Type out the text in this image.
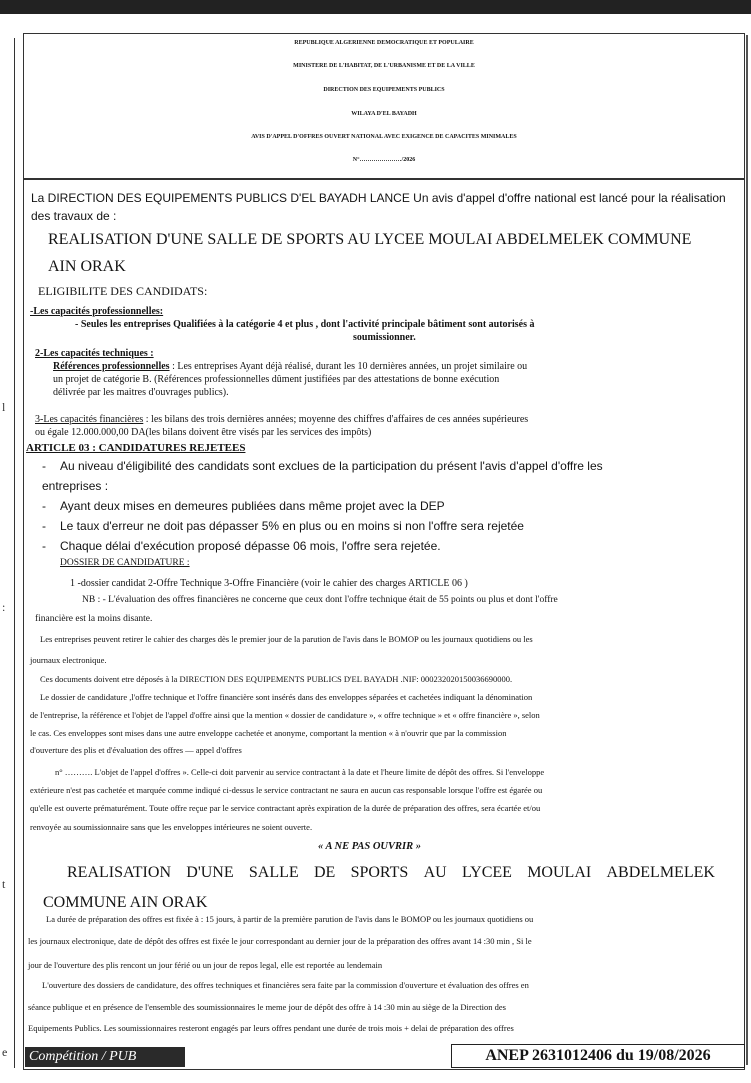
l
:
t
e
REPUBLIQUE ALGERIENNE DEMOCRATIQUE ET POPULAIRE
MINISTERE DE L'HABITAT, DE L'URBANISME ET DE LA VILLE
DIRECTION DES EQUIPEMENTS PUBLICS
WILAYA D'EL BAYADH
AVIS D'APPEL D'OFFRES OUVERT NATIONAL AVEC EXIGENCE DE CAPACITES MINIMALES
N°…………………/2026
La DIRECTION DES EQUIPEMENTS PUBLICS D'EL BAYADH LANCE Un avis d'appel d'offre national est lancé pour la réalisation des travaux de :
REALISATION D'UNE SALLE DE SPORTS AU LYCEE MOULAI ABDELMELEK COMMUNE
AIN ORAK
ELIGIBILITE DES CANDIDATS:
-Les capacités professionnelles:
- Seules les entreprises Qualifiées à la catégorie 4 et plus , dont l'activité principale bâtiment sont autorisés à
soumissionner.
2-Les capacités techniques :
Références professionnelles : Les entreprises Ayant déjà réalisé, durant les 10 dernières années, un projet similaire ou
un projet de catégorie B. (Références professionnelles dûment justifiées par des attestations de bonne exécution
délivrée par les maitres d'ouvrages publics).
3-Les capacités financières : les bilans des trois dernières années; moyenne des chiffres d'affaires de ces années supérieures
ou égale 12.000.000,00 DA(les bilans doivent être visés par les services des impôts)
ARTICLE 03 : CANDIDATURES REJETEES
- Au niveau d'éligibilité des candidats sont exclues de la participation du présent l'avis d'appel d'offre les
entreprises :
- Ayant deux mises en demeures publiées dans même projet avec la DEP
- Le taux d'erreur ne doit pas dépasser 5% en plus ou en moins si non l'offre sera rejetée
- Chaque délai d'exécution proposé dépasse 06 mois, l'offre sera rejetée.
DOSSIER DE CANDIDATURE :
1 -dossier candidat 2-Offre Technique 3-Offre Financière (voir le cahier des charges ARTICLE 06 )
NB : - L'évaluation des offres financières ne concerne que ceux dont l'offre technique était de 55 points ou plus et dont l'offre
financière est la moins disante.
Les entreprises peuvent retirer le cahier des charges dès le premier jour de la parution de l'avis dans le BOMOP ou les journaux quotidiens ou les
journaux electronique.
Ces documents doivent etre déposés à la DIRECTION DES EQUIPEMENTS PUBLICS D'EL BAYADH .NIF: 000232020150036690000.
Le dossier de candidature ,l'offre technique et l'offre financière sont insérés dans des enveloppes séparées et cachetées indiquant la dénomination
de l'entreprise, la référence et l'objet de l'appel d'offre ainsi que la mention « dossier de candidature », « offre technique » et « offre financière », selon
le cas. Ces enveloppes sont mises dans une autre enveloppe cachetée et anonyme, comportant la mention « à n'ouvrir que par la commission
d'ouverture des plis et d'évaluation des offres — appel d'offres
n° ………. L'objet de l'appel d'offres ». Celle-ci doit parvenir au service contractant à la date et l'heure limite de dépôt des offres. Si l'enveloppe
extérieure n'est pas cachetée et marquée comme indiqué ci-dessus le service contractant ne saura en aucun cas responsable lorsque l'offre est égarée ou
qu'elle est ouverte prématurément. Toute offre reçue par le service contractant après expiration de la durée de préparation des offres, sera écartée et/ou
renvoyée au soumissionnaire sans que les enveloppes intérieures ne soient ouverte.
« A NE PAS OUVRIR »
REALISATION D'UNE SALLE DE SPORTS AU LYCEE MOULAI ABDELMELEK
COMMUNE AIN ORAK
La durée de préparation des offres est fixée à : 15 jours, à partir de la première parution de l'avis dans le BOMOP ou les journaux quotidiens ou
les journaux electronique, date de dépôt des offres est fixée le jour correspondant au dernier jour de la préparation des offres avant 14 :30 min , Si le
jour de l'ouverture des plis rencont un jour férié ou un jour de repos legal, elle est reportée au lendemain
L'ouverture des dossiers de candidature, des offres techniques et financières sera faite par la commission d'ouverture et évaluation des offres en
séance publique et en présence de l'ensemble des soumissionnaires le meme jour de dépôt des offre à 14 :30 min au siège de la Direction des
Equipements Publics. Les soumissionnaires resteront engagés par leurs offres pendant une durée de trois mois + delai de préparation des offres
Compétition / PUB	ANEP 2631012406 du 19/08/2026
